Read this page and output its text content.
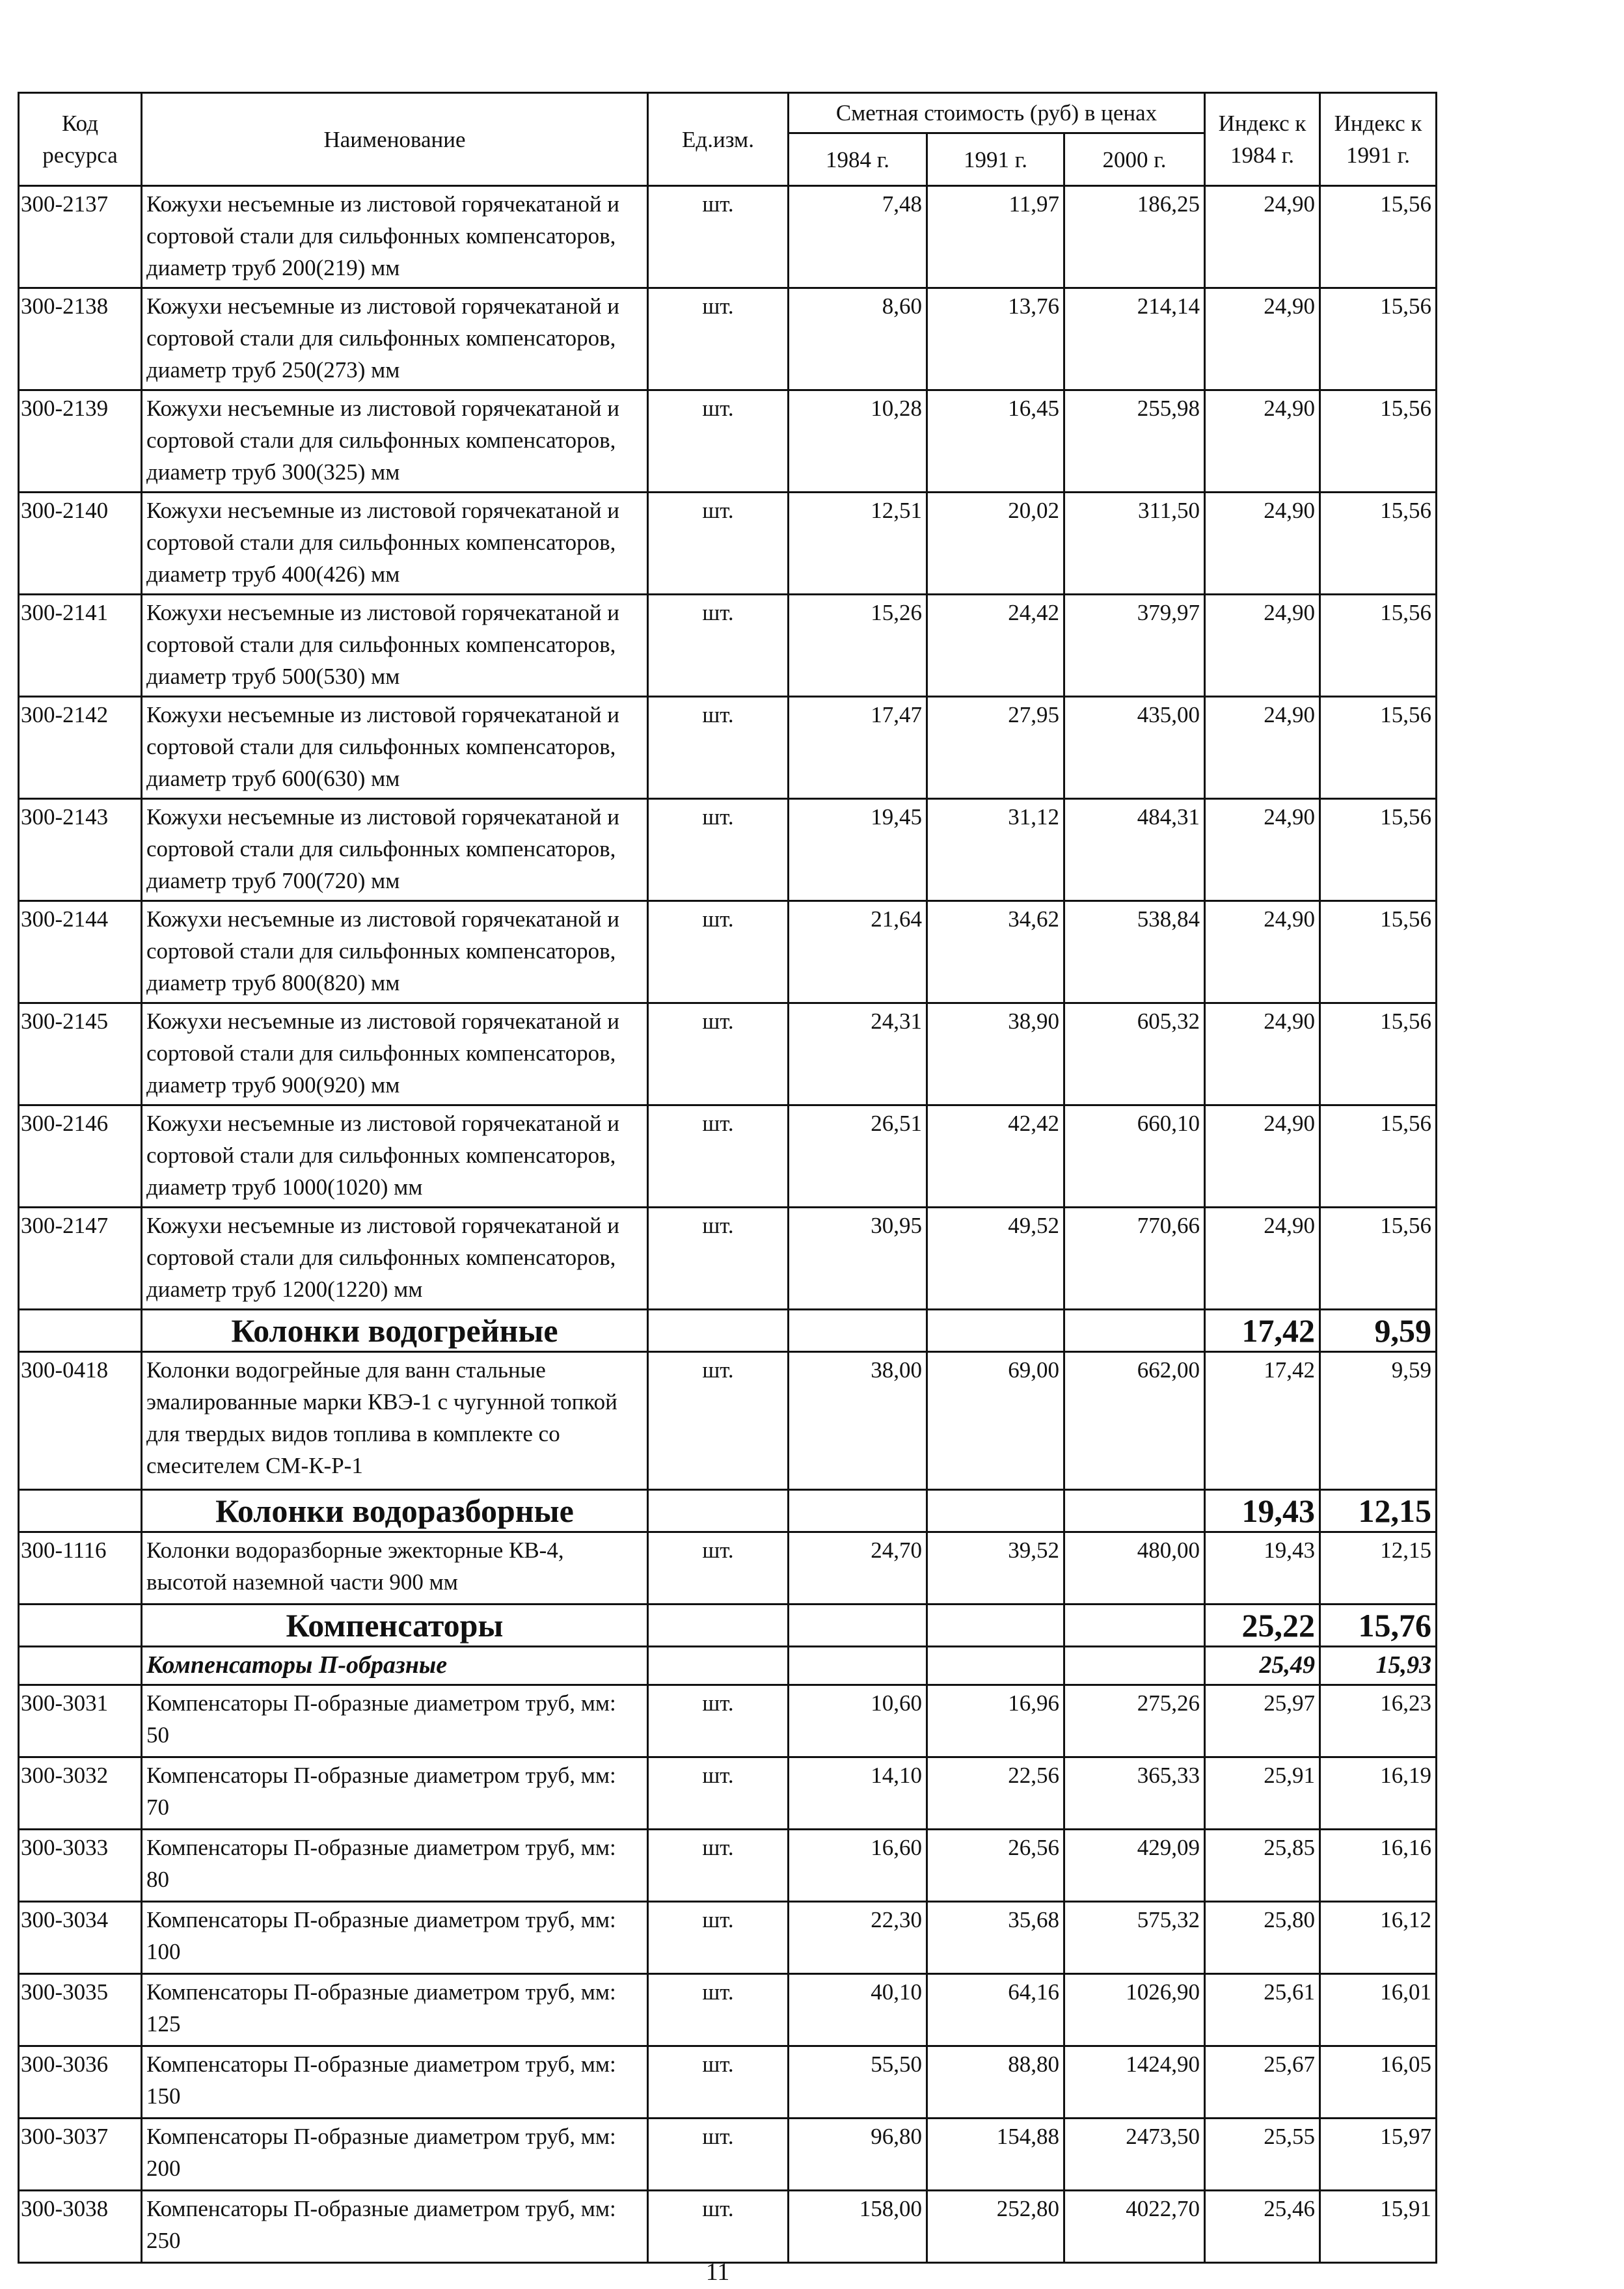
Код ресурса	Наименование	Ед.изм.	Сметная стоимость (руб) в ценах			Индекс к 1984 г.	Индекс к 1991 г.
			1984 г.	1991 г.	2000 г.		
300-2137	Кожухи несъемные из листовой горячекатаной и сортовой стали для сильфонных компенсаторов, диаметр труб 200(219) мм	шт.	7,48	11,97	186,25	24,90	15,56
300-2138	Кожухи несъемные из листовой горячекатаной и сортовой стали для сильфонных компенсаторов, диаметр труб 250(273) мм	шт.	8,60	13,76	214,14	24,90	15,56
300-2139	Кожухи несъемные из листовой горячекатаной и сортовой стали для сильфонных компенсаторов, диаметр труб 300(325) мм	шт.	10,28	16,45	255,98	24,90	15,56
300-2140	Кожухи несъемные из листовой горячекатаной и сортовой стали для сильфонных компенсаторов, диаметр труб 400(426) мм	шт.	12,51	20,02	311,50	24,90	15,56
300-2141	Кожухи несъемные из листовой горячекатаной и сортовой стали для сильфонных компенсаторов, диаметр труб 500(530) мм	шт.	15,26	24,42	379,97	24,90	15,56
300-2142	Кожухи несъемные из листовой горячекатаной и сортовой стали для сильфонных компенсаторов, диаметр труб 600(630) мм	шт.	17,47	27,95	435,00	24,90	15,56
300-2143	Кожухи несъемные из листовой горячекатаной и сортовой стали для сильфонных компенсаторов, диаметр труб 700(720) мм	шт.	19,45	31,12	484,31	24,90	15,56
300-2144	Кожухи несъемные из листовой горячекатаной и сортовой стали для сильфонных компенсаторов, диаметр труб 800(820) мм	шт.	21,64	34,62	538,84	24,90	15,56
300-2145	Кожухи несъемные из листовой горячекатаной и сортовой стали для сильфонных компенсаторов, диаметр труб 900(920) мм	шт.	24,31	38,90	605,32	24,90	15,56
300-2146	Кожухи несъемные из листовой горячекатаной и сортовой стали для сильфонных компенсаторов, диаметр труб 1000(1020) мм	шт.	26,51	42,42	660,10	24,90	15,56
300-2147	Кожухи несъемные из листовой горячекатаной и сортовой стали для сильфонных компенсаторов, диаметр труб 1200(1220) мм	шт.	30,95	49,52	770,66	24,90	15,56
	Колонки водогрейные					17,42	9,59
300-0418	Колонки водогрейные для ванн стальные эмалированные марки КВЭ-1 с чугунной топкой для твердых видов топлива в комплекте со смесителем СМ-К-Р-1	шт.	38,00	69,00	662,00	17,42	9,59
	Колонки водоразборные					19,43	12,15
300-1116	Колонки водоразборные эжекторные КВ-4, высотой наземной части 900 мм	шт.	24,70	39,52	480,00	19,43	12,15
	Компенсаторы					25,22	15,76
	Компенсаторы П-образные					25,49	15,93
300-3031	Компенсаторы П-образные диаметром труб, мм: 50	шт.	10,60	16,96	275,26	25,97	16,23
300-3032	Компенсаторы П-образные диаметром труб, мм: 70	шт.	14,10	22,56	365,33	25,91	16,19
300-3033	Компенсаторы П-образные диаметром труб, мм: 80	шт.	16,60	26,56	429,09	25,85	16,16
300-3034	Компенсаторы П-образные диаметром труб, мм: 100	шт.	22,30	35,68	575,32	25,80	16,12
300-3035	Компенсаторы П-образные диаметром труб, мм: 125	шт.	40,10	64,16	1026,90	25,61	16,01
300-3036	Компенсаторы П-образные диаметром труб, мм: 150	шт.	55,50	88,80	1424,90	25,67	16,05
300-3037	Компенсаторы П-образные диаметром труб, мм: 200	шт.	96,80	154,88	2473,50	25,55	15,97
300-3038	Компенсаторы П-образные диаметром труб, мм: 250	шт.	158,00	252,80	4022,70	25,46	15,91
11
